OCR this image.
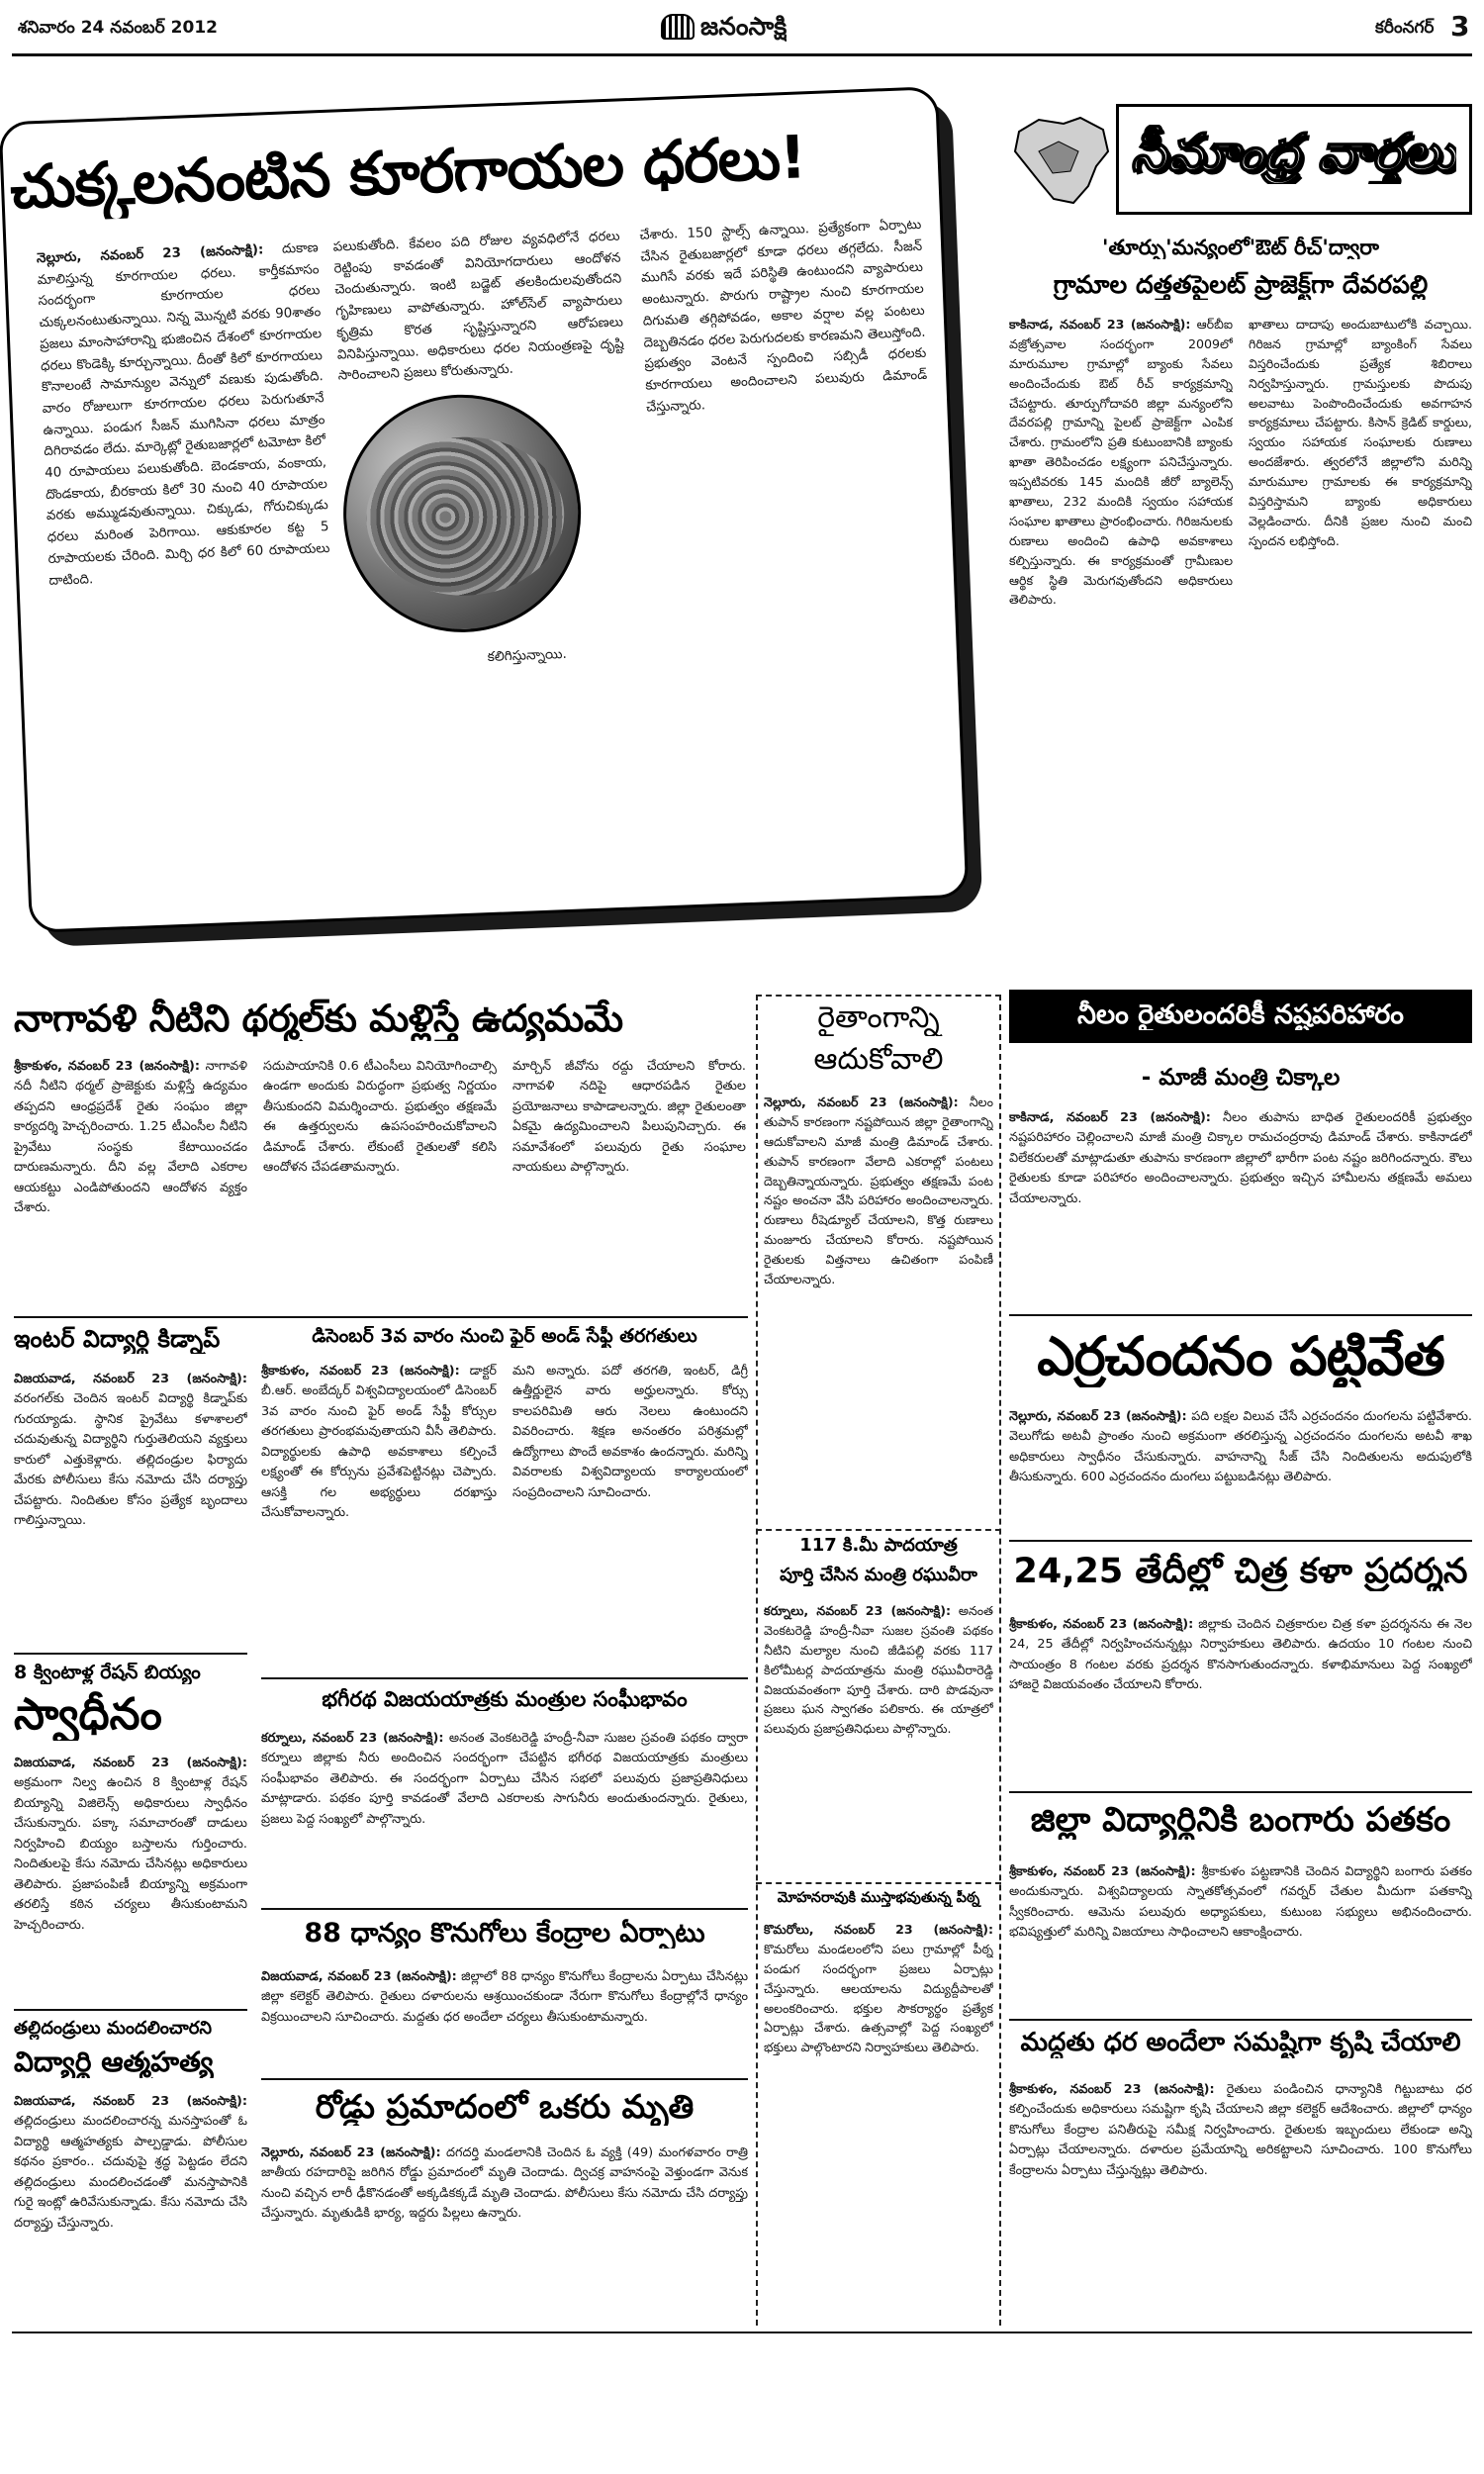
శనివారం 24 నవంబర్ 2012	జనంసాక్షి	కరీంనగర్ 3
చుక్కలనంటిన కూరగాయల ధరలు!
నెల్లూరు, నవంబర్ 23 (జనంసాక్షి): దుకాణ మాలిస్తున్న కూరగాయల ధరలు. కార్తీకమాసం సందర్భంగా కూరగాయల ధరలు చుక్కలనంటుతున్నాయి. నిన్న మొన్నటి వరకు 90శాతం ప్రజలు మాంసాహారాన్ని భుజించిన దేశంలో కూరగాయల ధరలు కొండెక్కి కూర్చున్నాయి. దీంతో కిలో కూరగాయలు కొనాలంటే సామాన్యుల వెన్నులో వణుకు పుడుతోంది. వారం రోజులుగా కూరగాయల ధరలు పెరుగుతూనే ఉన్నాయి. పండుగ సీజన్ ముగిసినా ధరలు మాత్రం దిగిరావడం లేదు. మార్కెట్లో రైతుబజార్లలో టమోటా కిలో 40 రూపాయలు పలుకుతోంది. బెండకాయ, వంకాయ, దొండకాయ, బీరకాయ కిలో 30 నుంచి 40 రూపాయల వరకు అమ్ముడవుతున్నాయి. చిక్కుడు, గోరుచిక్కుడు ధరలు మరింత పెరిగాయి. ఆకుకూరల కట్ట 5 రూపాయలకు చేరింది. మిర్చి ధర కిలో 60 రూపాయలు దాటింది.
పలుకుతోంది. కేవలం పది రోజుల వ్యవధిలోనే ధరలు రెట్టింపు కావడంతో వినియోగదారులు ఆందోళన చెందుతున్నారు. ఇంటి బడ్జెట్ తలకిందులవుతోందని గృహిణులు వాపోతున్నారు. హోల్‌సేల్ వ్యాపారులు కృత్రిమ కొరత సృష్టిస్తున్నారని ఆరోపణలు వినిపిస్తున్నాయి. అధికారులు ధరల నియంత్రణపై దృష్టి సారించాలని ప్రజలు కోరుతున్నారు.
కలిగిస్తున్నాయి.
చేశారు. 150 స్టాల్స్ ఉన్నాయి. ప్రత్యేకంగా ఏర్పాటు చేసిన రైతుబజార్లలో కూడా ధరలు తగ్గలేదు. సీజన్ ముగిసే వరకు ఇదే పరిస్థితి ఉంటుందని వ్యాపారులు అంటున్నారు. పొరుగు రాష్ట్రాల నుంచి కూరగాయల దిగుమతి తగ్గిపోవడం, అకాల వర్షాల వల్ల పంటలు దెబ్బతినడం ధరల పెరుగుదలకు కారణమని తెలుస్తోంది. ప్రభుత్వం వెంటనే స్పందించి సబ్సిడీ ధరలకు కూరగాయలు అందించాలని పలువురు డిమాండ్ చేస్తున్నారు.
సీమాంధ్ర వార్తలు
'తూర్పు'మన్యంలో'ఔట్ రీచ్'ద్వారా
గ్రామాల దత్తతపైలట్ ప్రాజెక్ట్‌గా దేవరపల్లి
కాకినాడ, నవంబర్ 23 (జనంసాక్షి): ఆర్‌బీఐ వజ్రోత్సవాల సందర్భంగా 2009లో మారుమూల గ్రామాల్లో బ్యాంకు సేవలు అందించేందుకు ఔట్ రీచ్ కార్యక్రమాన్ని చేపట్టారు. తూర్పుగోదావరి జిల్లా మన్యంలోని దేవరపల్లి గ్రామాన్ని పైలట్ ప్రాజెక్ట్‌గా ఎంపిక చేశారు. గ్రామంలోని ప్రతి కుటుంబానికి బ్యాంకు ఖాతా తెరిపించడం లక్ష్యంగా పనిచేస్తున్నారు. ఇప్పటివరకు 145 మందికి జీరో బ్యాలెన్స్ ఖాతాలు, 232 మందికి స్వయం సహాయక సంఘాల ఖాతాలు ప్రారంభించారు. గిరిజనులకు రుణాలు అందించి ఉపాధి అవకాశాలు కల్పిస్తున్నారు. ఈ కార్యక్రమంతో గ్రామీణుల ఆర్థిక స్థితి మెరుగవుతోందని అధికారులు తెలిపారు.
ఖాతాలు దాదాపు అందుబాటులోకి వచ్చాయి. గిరిజన గ్రామాల్లో బ్యాంకింగ్ సేవలు విస్తరించేందుకు ప్రత్యేక శిబిరాలు నిర్వహిస్తున్నారు. గ్రామస్తులకు పొదుపు అలవాటు పెంపొందించేందుకు అవగాహన కార్యక్రమాలు చేపట్టారు. కిసాన్ క్రెడిట్ కార్డులు, స్వయం సహాయక సంఘాలకు రుణాలు అందజేశారు. త్వరలోనే జిల్లాలోని మరిన్ని మారుమూల గ్రామాలకు ఈ కార్యక్రమాన్ని విస్తరిస్తామని బ్యాంకు అధికారులు వెల్లడించారు. దీనికి ప్రజల నుంచి మంచి స్పందన లభిస్తోంది.
నీలం రైతులందరికీ నష్టపరిహారం
- మాజీ మంత్రి చిక్కాల
కాకినాడ, నవంబర్ 23 (జనంసాక్షి): నీలం తుపాను బాధిత రైతులందరికీ ప్రభుత్వం నష్టపరిహారం చెల్లించాలని మాజీ మంత్రి చిక్కాల రామచంద్రరావు డిమాండ్ చేశారు. కాకినాడలో విలేకరులతో మాట్లాడుతూ తుపాను కారణంగా జిల్లాలో భారీగా పంట నష్టం జరిగిందన్నారు. కౌలు రైతులకు కూడా పరిహారం అందించాలన్నారు. ప్రభుత్వం ఇచ్చిన హామీలను తక్షణమే అమలు చేయాలన్నారు.
ఎర్రచందనం పట్టివేత
నెల్లూరు, నవంబర్ 23 (జనంసాక్షి): పది లక్షల విలువ చేసే ఎర్రచందనం దుంగలను పట్టివేశారు. వెలుగోడు అటవీ ప్రాంతం నుంచి అక్రమంగా తరలిస్తున్న ఎర్రచందనం దుంగలను అటవీ శాఖ అధికారులు స్వాధీనం చేసుకున్నారు. వాహనాన్ని సీజ్ చేసి నిందితులను అదుపులోకి తీసుకున్నారు. 600 ఎర్రచందనం దుంగలు పట్టుబడినట్లు తెలిపారు.
24,25 తేదీల్లో చిత్ర కళా ప్రదర్శన
శ్రీకాకుళం, నవంబర్ 23 (జనంసాక్షి): జిల్లాకు చెందిన చిత్రకారుల చిత్ర కళా ప్రదర్శనను ఈ నెల 24, 25 తేదీల్లో నిర్వహించనున్నట్లు నిర్వాహకులు తెలిపారు. ఉదయం 10 గంటల నుంచి సాయంత్రం 8 గంటల వరకు ప్రదర్శన కొనసాగుతుందన్నారు. కళాభిమానులు పెద్ద సంఖ్యలో హాజరై విజయవంతం చేయాలని కోరారు.
జిల్లా విద్యార్థినికి బంగారు పతకం
శ్రీకాకుళం, నవంబర్ 23 (జనంసాక్షి): శ్రీకాకుళం పట్టణానికి చెందిన విద్యార్థిని బంగారు పతకం అందుకున్నారు. విశ్వవిద్యాలయ స్నాతకోత్సవంలో గవర్నర్ చేతుల మీదుగా పతకాన్ని స్వీకరించారు. ఆమెను పలువురు అధ్యాపకులు, కుటుంబ సభ్యులు అభినందించారు. భవిష్యత్తులో మరిన్ని విజయాలు సాధించాలని ఆకాంక్షించారు.
మద్దతు ధర అందేలా సమష్టిగా కృషి చేయాలి
శ్రీకాకుళం, నవంబర్ 23 (జనంసాక్షి): రైతులు పండించిన ధాన్యానికి గిట్టుబాటు ధర కల్పించేందుకు అధికారులు సమష్టిగా కృషి చేయాలని జిల్లా కలెక్టర్ ఆదేశించారు. జిల్లాలో ధాన్యం కొనుగోలు కేంద్రాల పనితీరుపై సమీక్ష నిర్వహించారు. రైతులకు ఇబ్బందులు లేకుండా అన్ని ఏర్పాట్లు చేయాలన్నారు. దళారుల ప్రమేయాన్ని అరికట్టాలని సూచించారు. 100 కొనుగోలు కేంద్రాలను ఏర్పాటు చేస్తున్నట్లు తెలిపారు.
నాగావళి నీటిని థర్మల్‌కు మళ్లిస్తే ఉద్యమమే
శ్రీకాకుళం, నవంబర్ 23 (జనంసాక్షి): నాగావళి నదీ నీటిని థర్మల్ ప్రాజెక్టుకు మళ్లిస్తే ఉద్యమం తప్పదని ఆంధ్రప్రదేశ్ రైతు సంఘం జిల్లా కార్యదర్శి హెచ్చరించారు. 1.25 టీఎంసీల నీటిని ప్రైవేటు సంస్థకు కేటాయించడం దారుణమన్నారు. దీని వల్ల వేలాది ఎకరాల ఆయకట్టు ఎండిపోతుందని ఆందోళన వ్యక్తం చేశారు.
సదుపాయానికి 0.6 టీఎంసీలు వినియోగించాల్సి ఉండగా అందుకు విరుద్ధంగా ప్రభుత్వ నిర్ణయం తీసుకుందని విమర్శించారు. ప్రభుత్వం తక్షణమే ఈ ఉత్తర్వులను ఉపసంహరించుకోవాలని డిమాండ్ చేశారు. లేకుంటే రైతులతో కలిసి ఆందోళన చేపడతామన్నారు.
మార్చిన్ జీవోను రద్దు చేయాలని కోరారు. నాగావళి నదిపై ఆధారపడిన రైతుల ప్రయోజనాలు కాపాడాలన్నారు. జిల్లా రైతులంతా ఏకమై ఉద్యమించాలని పిలుపునిచ్చారు. ఈ సమావేశంలో పలువురు రైతు సంఘాల నాయకులు పాల్గొన్నారు.
ఇంటర్ విద్యార్థి కిడ్నాప్
విజయవాడ, నవంబర్ 23 (జనంసాక్షి): వరంగల్‌కు చెందిన ఇంటర్ విద్యార్థి కిడ్నాప్‌కు గురయ్యాడు. స్థానిక ప్రైవేటు కళాశాలలో చదువుతున్న విద్యార్థిని గుర్తుతెలియని వ్యక్తులు కారులో ఎత్తుకెళ్లారు. తల్లిదండ్రుల ఫిర్యాదు మేరకు పోలీసులు కేసు నమోదు చేసి దర్యాప్తు చేపట్టారు. నిందితుల కోసం ప్రత్యేక బృందాలు గాలిస్తున్నాయి.
డిసెంబర్ 3వ వారం నుంచి ఫైర్ అండ్ సేఫ్టీ తరగతులు
శ్రీకాకుళం, నవంబర్ 23 (జనంసాక్షి): డాక్టర్ బీ.ఆర్. అంబేద్కర్ విశ్వవిద్యాలయంలో డిసెంబర్ 3వ వారం నుంచి ఫైర్ అండ్ సేఫ్టీ కోర్సుల తరగతులు ప్రారంభమవుతాయని వీసీ తెలిపారు. విద్యార్థులకు ఉపాధి అవకాశాలు కల్పించే లక్ష్యంతో ఈ కోర్సును ప్రవేశపెట్టినట్లు చెప్పారు. ఆసక్తి గల అభ్యర్థులు దరఖాస్తు చేసుకోవాలన్నారు.
మని అన్నారు. పదో తరగతి, ఇంటర్, డిగ్రీ ఉత్తీర్ణులైన వారు అర్హులన్నారు. కోర్సు కాలపరిమితి ఆరు నెలలు ఉంటుందని వివరించారు. శిక్షణ అనంతరం పరిశ్రమల్లో ఉద్యోగాలు పొందే అవకాశం ఉందన్నారు. మరిన్ని వివరాలకు విశ్వవిద్యాలయ కార్యాలయంలో సంప్రదించాలని సూచించారు.
8 క్వింటాళ్ల రేషన్ బియ్యం
స్వాధీనం
విజయవాడ, నవంబర్ 23 (జనంసాక్షి): అక్రమంగా నిల్వ ఉంచిన 8 క్వింటాళ్ల రేషన్ బియ్యాన్ని విజిలెన్స్ అధికారులు స్వాధీనం చేసుకున్నారు. పక్కా సమాచారంతో దాడులు నిర్వహించి బియ్యం బస్తాలను గుర్తించారు. నిందితులపై కేసు నమోదు చేసినట్లు అధికారులు తెలిపారు. ప్రజాపంపిణీ బియ్యాన్ని అక్రమంగా తరలిస్తే కఠిన చర్యలు తీసుకుంటామని హెచ్చరించారు.
భగీరథ విజయయాత్రకు మంత్రుల సంఘీభావం
కర్నూలు, నవంబర్ 23 (జనంసాక్షి): అనంత వెంకటరెడ్డి హంద్రీ-నీవా సుజల స్రవంతి పథకం ద్వారా కర్నూలు జిల్లాకు నీరు అందించిన సందర్భంగా చేపట్టిన భగీరథ విజయయాత్రకు మంత్రులు సంఘీభావం తెలిపారు. ఈ సందర్భంగా ఏర్పాటు చేసిన సభలో పలువురు ప్రజాప్రతినిధులు మాట్లాడారు. పథకం పూర్తి కావడంతో వేలాది ఎకరాలకు సాగునీరు అందుతుందన్నారు. రైతులు, ప్రజలు పెద్ద సంఖ్యలో పాల్గొన్నారు.
88 ధాన్యం కొనుగోలు కేంద్రాల ఏర్పాటు
విజయవాడ, నవంబర్ 23 (జనంసాక్షి): జిల్లాలో 88 ధాన్యం కొనుగోలు కేంద్రాలను ఏర్పాటు చేసినట్లు జిల్లా కలెక్టర్ తెలిపారు. రైతులు దళారులను ఆశ్రయించకుండా నేరుగా కొనుగోలు కేంద్రాల్లోనే ధాన్యం విక్రయించాలని సూచించారు. మద్దతు ధర అందేలా చర్యలు తీసుకుంటామన్నారు.
తల్లిదండ్రులు మందలించారని
విద్యార్థి ఆత్మహత్య
విజయవాడ, నవంబర్ 23 (జనంసాక్షి): తల్లిదండ్రులు మందలించారన్న మనస్తాపంతో ఓ విద్యార్థి ఆత్మహత్యకు పాల్పడ్డాడు. పోలీసుల కథనం ప్రకారం.. చదువుపై శ్రద్ధ పెట్టడం లేదని తల్లిదండ్రులు మందలించడంతో మనస్తాపానికి గురై ఇంట్లో ఉరివేసుకున్నాడు. కేసు నమోదు చేసి దర్యాప్తు చేస్తున్నారు.
రోడ్డు ప్రమాదంలో ఒకరు మృతి
నెల్లూరు, నవంబర్ 23 (జనంసాక్షి): దగదర్తి మండలానికి చెందిన ఓ వ్యక్తి (49) మంగళవారం రాత్రి జాతీయ రహదారిపై జరిగిన రోడ్డు ప్రమాదంలో మృతి చెందాడు. ద్విచక్ర వాహనంపై వెళ్తుండగా వెనుక నుంచి వచ్చిన లారీ ఢీకొనడంతో అక్కడికక్కడే మృతి చెందాడు. పోలీసులు కేసు నమోదు చేసి దర్యాప్తు చేస్తున్నారు. మృతుడికి భార్య, ఇద్దరు పిల్లలు ఉన్నారు.
రైతాంగాన్ని
ఆదుకోవాలి
నెల్లూరు, నవంబర్ 23 (జనంసాక్షి): నీలం తుపాన్ కారణంగా నష్టపోయిన జిల్లా రైతాంగాన్ని ఆదుకోవాలని మాజీ మంత్రి డిమాండ్ చేశారు. తుపాన్ కారణంగా వేలాది ఎకరాల్లో పంటలు దెబ్బతిన్నాయన్నారు. ప్రభుత్వం తక్షణమే పంట నష్టం అంచనా వేసి పరిహారం అందించాలన్నారు. రుణాలు రీషెడ్యూల్ చేయాలని, కొత్త రుణాలు మంజూరు చేయాలని కోరారు. నష్టపోయిన రైతులకు విత్తనాలు ఉచితంగా పంపిణీ చేయాలన్నారు.
117 కి.మీ పాదయాత్ర
పూర్తి చేసిన మంత్రి రఘువీరా
కర్నూలు, నవంబర్ 23 (జనంసాక్షి): అనంత వెంకటరెడ్డి హంద్రీ-నీవా సుజల స్రవంతి పథకం నీటిని మల్యాల నుంచి జీడిపల్లి వరకు 117 కిలోమీటర్ల పాదయాత్రను మంత్రి రఘువీరారెడ్డి విజయవంతంగా పూర్తి చేశారు. దారి పొడవునా ప్రజలు ఘన స్వాగతం పలికారు. ఈ యాత్రలో పలువురు ప్రజాప్రతినిధులు పాల్గొన్నారు.
మోహనరావుకి ముస్తాభవుతున్న పీఠ్న
కొమరోలు, నవంబర్ 23 (జనంసాక్షి): కొమరోలు మండలంలోని పలు గ్రామాల్లో పీఠ్న పండుగ సందర్భంగా ప్రజలు ఏర్పాట్లు చేస్తున్నారు. ఆలయాలను విద్యుద్దీపాలతో అలంకరించారు. భక్తుల సౌకర్యార్థం ప్రత్యేక ఏర్పాట్లు చేశారు. ఉత్సవాల్లో పెద్ద సంఖ్యలో భక్తులు పాల్గొంటారని నిర్వాహకులు తెలిపారు.
